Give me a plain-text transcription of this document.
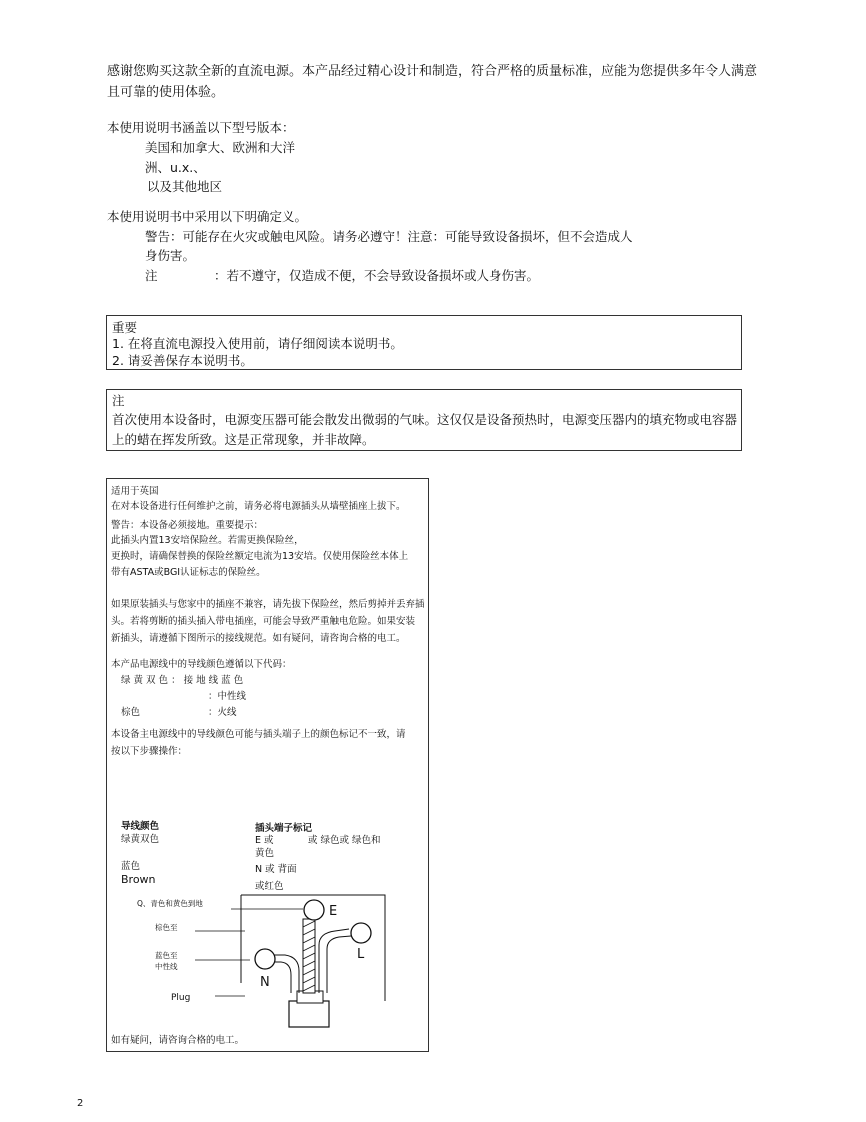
感谢您购买这款全新的直流电源。本产品经过精心设计和制造，符合严格的质量标准，应能为您提供多年令人满意
且可靠的使用体验。
本使用说明书涵盖以下型号版本：
美国和加拿大、欧洲和大洋
洲、u.x.、
以及其他地区
本使用说明书中采用以下明确定义。
警告：可能存在火灾或触电风险。请务必遵守！注意：可能导致设备损坏，但不会造成人
身伤害。
注	：若不遵守，仅造成不便，不会导致设备损坏或人身伤害。
重要
1. 在将直流电源投入使用前，请仔细阅读本说明书。
2. 请妥善保存本说明书。
注
首次使用本设备时，电源变压器可能会散发出微弱的气味。这仅仅是设备预热时，电源变压器内的填充物或电容器
上的蜡在挥发所致。这是正常现象，并非故障。
适用于英国
在对本设备进行任何维护之前，请务必将电源插头从墙壁插座上拔下。
警告：本设备必须接地。重要提示：
此插头内置13安培保险丝。若需更换保险丝，
更换时，请确保替换的保险丝额定电流为13安培。仅使用保险丝本体上
带有ASTA或BGI认证标志的保险丝。
如果原装插头与您家中的插座不兼容，请先拔下保险丝，然后剪掉并丢弃插
头。若将剪断的插头插入带电插座，可能会导致严重触电危险。如果安装
新插头，请遵循下图所示的接线规范。如有疑问，请咨询合格的电工。
本产品电源线中的导线颜色遵循以下代码：
绿 黄 双 色 ： 接 地 线 蓝 色
：中性线
棕色	：火线
本设备主电源线中的导线颜色可能与插头端子上的颜色标记不一致，请
按以下步骤操作：
导线颜色
绿黄双色
蓝色
Brown
插头端子标记
E 或	或 绿色或 绿色和
黄色
N 或 背面
或红色
Q、青色和黄色到地
棕色至
蓝色至
中性线
Plug
E
L
N
如有疑问，请咨询合格的电工。
2
